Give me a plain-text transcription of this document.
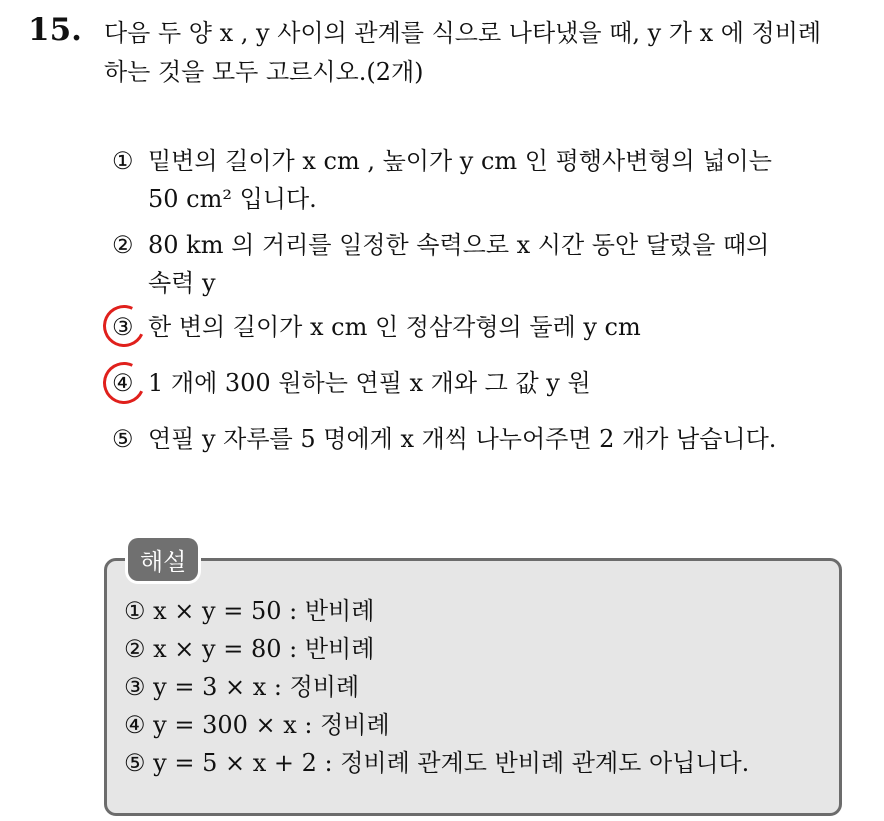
15. 다음 두 양 x , y 사이의 관계를 식으로 나타냈을 때, y 가 x 에 정비례
하는 것을 모두 고르시오.(2개)
① 밑변의 길이가 x cm , 높이가 y cm 인 평행사변형의 넓이는
50 cm² 입니다.
② 80 km 의 거리를 일정한 속력으로 x 시간 동안 달렸을 때의
속력 y
③ 한 변의 길이가 x cm 인 정삼각형의 둘레 y cm
④ 1 개에 300 원하는 연필 x 개와 그 값 y 원
⑤ 연필 y 자루를 5 명에게 x 개씩 나누어주면 2 개가 남습니다.
해설
① x × y = 50 : 반비례
② x × y = 80 : 반비례
③ y = 3 × x : 정비례
④ y = 300 × x : 정비례
⑤ y = 5 × x + 2 : 정비례 관계도 반비례 관계도 아닙니다.
